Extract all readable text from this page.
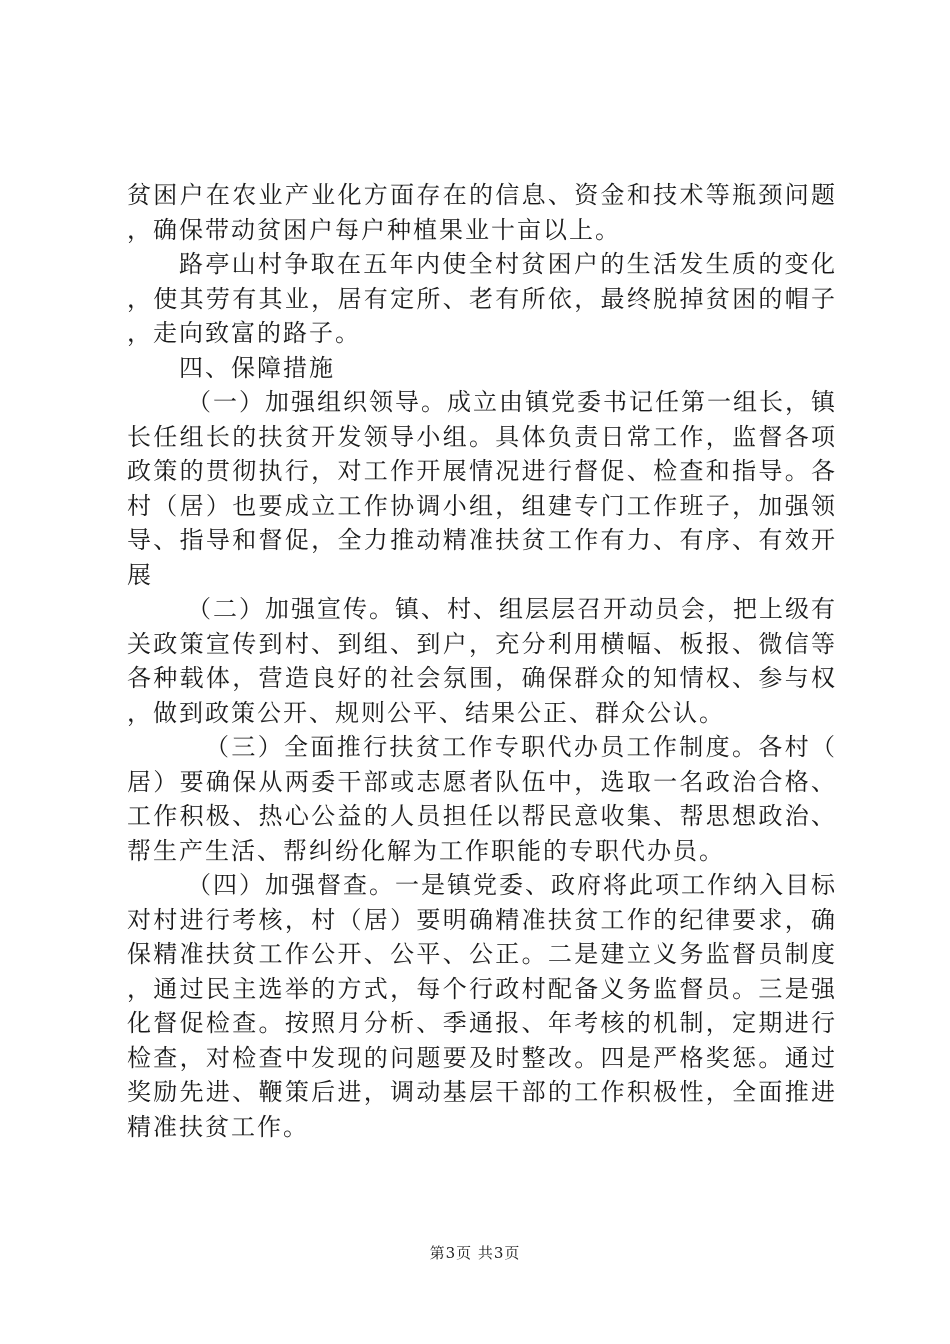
贫困户在农业产业化方面存在的信息、资金和技术等瓶颈问题，确保带动贫困户每户种植果业十亩以上。

路亭山村争取在五年内使全村贫困户的生活发生质的变化，使其劳有其业，居有定所、老有所依，最终脱掉贫困的帽子，走向致富的路子。

四、保障措施

（一）加强组织领导。成立由镇党委书记任第一组长，镇长任组长的扶贫开发领导小组。具体负责日常工作，监督各项政策的贯彻执行，对工作开展情况进行督促、检查和指导。各村（居）也要成立工作协调小组，组建专门工作班子，加强领导、指导和督促，全力推动精准扶贫工作有力、有序、有效开展

（二）加强宣传。镇、村、组层层召开动员会，把上级有关政策宣传到村、到组、到户，充分利用横幅、板报、微信等各种载体，营造良好的社会氛围，确保群众的知情权、参与权，做到政策公开、规则公平、结果公正、群众公认。

（三）全面推行扶贫工作专职代办员工作制度。各村（居）要确保从两委干部或志愿者队伍中，选取一名政治合格、工作积极、热心公益的人员担任以帮民意收集、帮思想政治、帮生产生活、帮纠纷化解为工作职能的专职代办员。

（四）加强督查。一是镇党委、政府将此项工作纳入目标对村进行考核，村（居）要明确精准扶贫工作的纪律要求，确保精准扶贫工作公开、公平、公正。二是建立义务监督员制度，通过民主选举的方式，每个行政村配备义务监督员。三是强化督促检查。按照月分析、季通报、年考核的机制，定期进行检查，对检查中发现的问题要及时整改。四是严格奖惩。通过奖励先进、鞭策后进，调动基层干部的工作积极性，全面推进精准扶贫工作。

第3页 共3页
